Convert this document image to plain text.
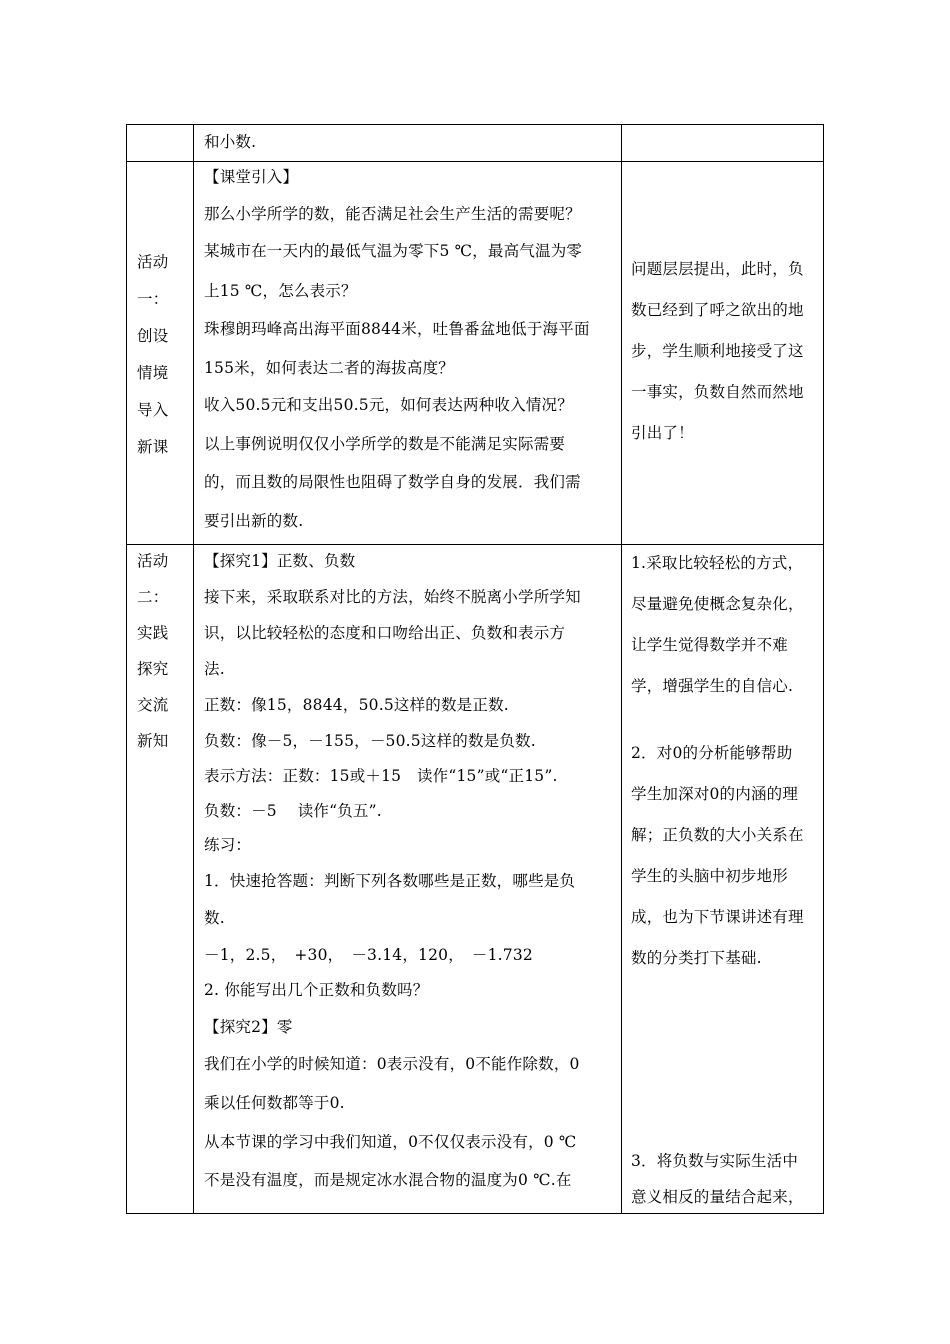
和小数.
活动
一：
创设
情境
导入
新课
【课堂引入】
那么小学所学的数，能否满足社会生产生活的需要呢？
某城市在一天内的最低气温为零下5 ℃，最高气温为零
上15 ℃，怎么表示？
珠穆朗玛峰高出海平面8844米，吐鲁番盆地低于海平面
155米，如何表达二者的海拔高度？
收入50.5元和支出50.5元，如何表达两种收入情况？
以上事例说明仅仅小学所学的数是不能满足实际需要
的，而且数的局限性也阻碍了数学自身的发展．我们需
要引出新的数.
问题层层提出，此时，负
数已经到了呼之欲出的地
步，学生顺利地接受了这
一事实，负数自然而然地
引出了！
活动
二：
实践
探究
交流
新知
【探究1】正数、负数
接下来，采取联系对比的方法，始终不脱离小学所学知
识，以比较轻松的态度和口吻给出正、负数和表示方
法.
正数：像15，8844，50.5这样的数是正数.
负数：像－5，－155，－50.5这样的数是负数.
表示方法：正数：15或＋15　读作“15”或“正15”.
负数：－5　 读作“负五”.
练习：
1．快速抢答题：判断下列各数哪些是正数，哪些是负
数.
－1，2.5，　+30，　－3.14，120，　－1.732
2. 你能写出几个正数和负数吗？
【探究2】零
我们在小学的时候知道：0表示没有，0不能作除数，0
乘以任何数都等于0.
从本节课的学习中我们知道，0不仅仅表示没有，0 ℃
不是没有温度，而是规定冰水混合物的温度为0 ℃.在
1.采取比较轻松的方式，
尽量避免使概念复杂化，
让学生觉得数学并不难
学，增强学生的自信心.
2．对0的分析能够帮助
学生加深对0的内涵的理
解；正负数的大小关系在
学生的头脑中初步地形
成，也为下节课讲述有理
数的分类打下基础.
3．将负数与实际生活中
意义相反的量结合起来，
